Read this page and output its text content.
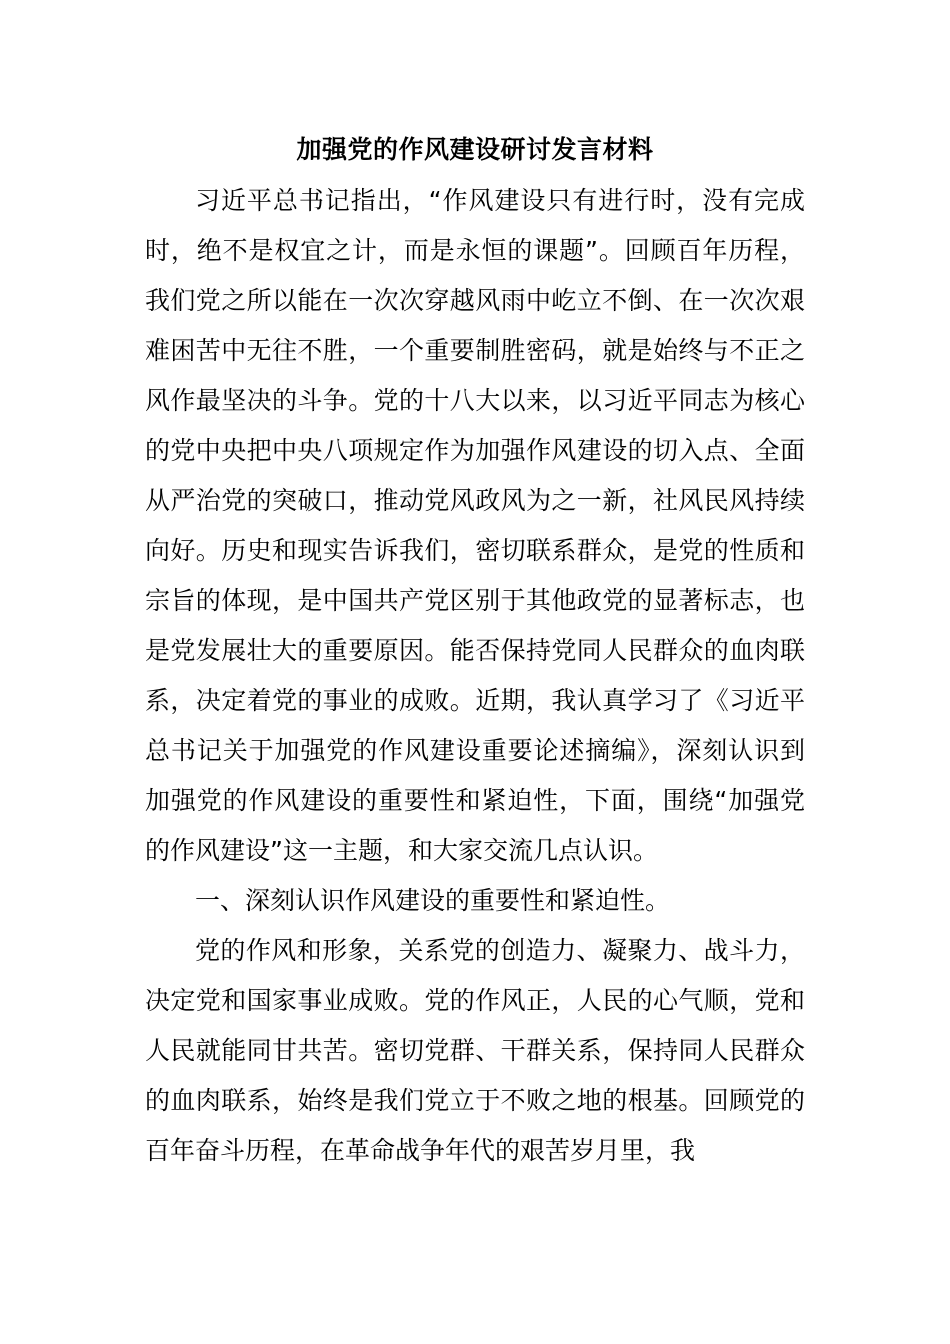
加强党的作风建设研讨发言材料

习近平总书记指出，“作风建设只有进行时，没有完成时，绝不是权宜之计，而是永恒的课题”。回顾百年历程，我们党之所以能在一次次穿越风雨中屹立不倒、在一次次艰难困苦中无往不胜，一个重要制胜密码，就是始终与不正之风作最坚决的斗争。党的十八大以来，以习近平同志为核心的党中央把中央八项规定作为加强作风建设的切入点、全面从严治党的突破口，推动党风政风为之一新，社风民风持续向好。历史和现实告诉我们，密切联系群众，是党的性质和宗旨的体现，是中国共产党区别于其他政党的显著标志，也是党发展壮大的重要原因。能否保持党同人民群众的血肉联系，决定着党的事业的成败。近期，我认真学习了《习近平总书记关于加强党的作风建设重要论述摘编》，深刻认识到加强党的作风建设的重要性和紧迫性，下面，围绕“加强党的作风建设”这一主题，和大家交流几点认识。

一、深刻认识作风建设的重要性和紧迫性。

党的作风和形象，关系党的创造力、凝聚力、战斗力，决定党和国家事业成败。党的作风正，人民的心气顺，党和人民就能同甘共苦。密切党群、干群关系，保持同人民群众的血肉联系，始终是我们党立于不败之地的根基。回顾党的百年奋斗历程，在革命战争年代的艰苦岁月里，我
